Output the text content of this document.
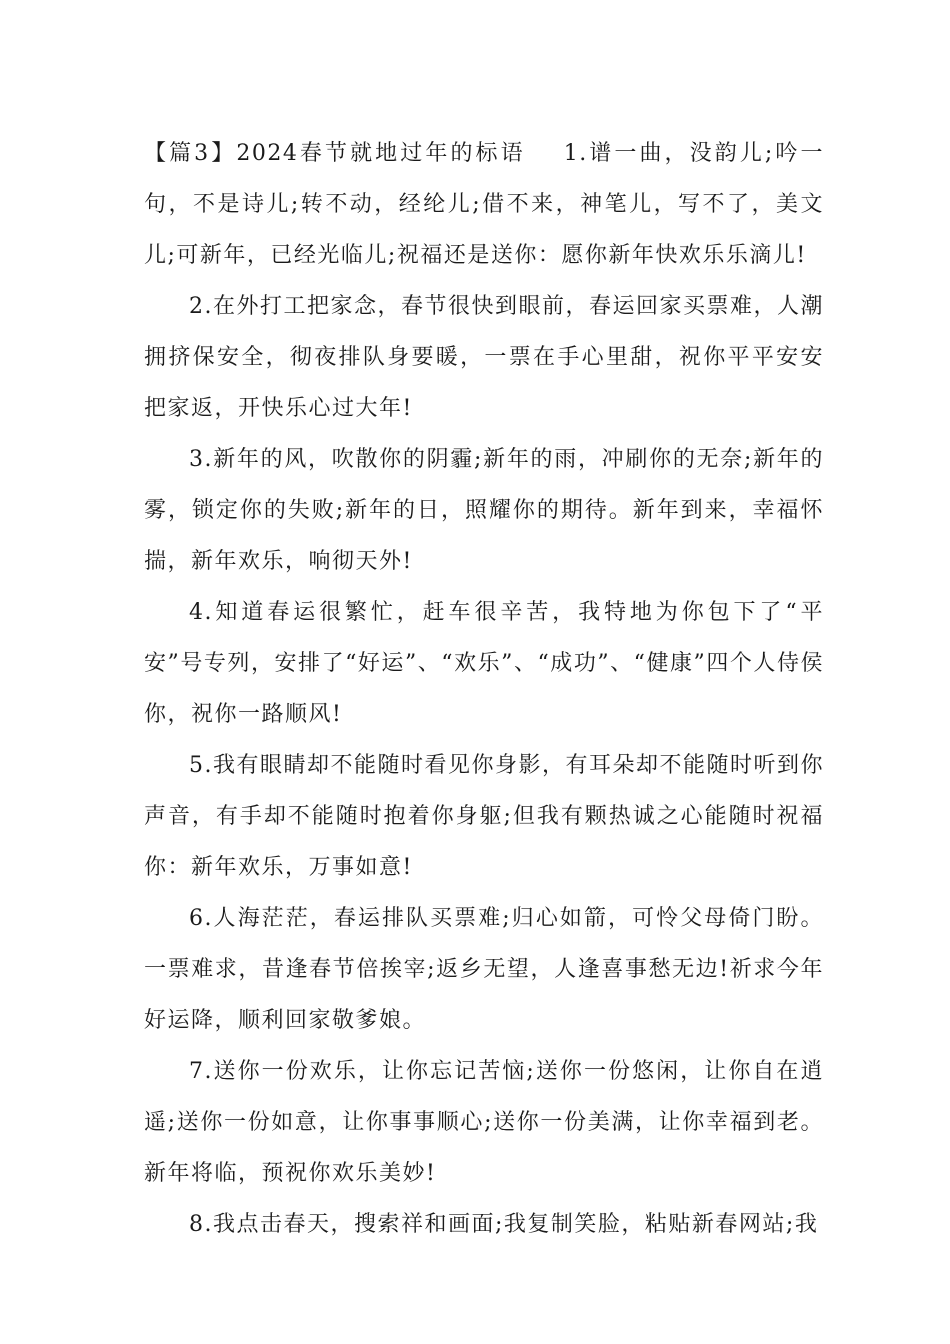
【篇3】2024春节就地过年的标语 1.谱一曲，没韵儿;吟一句，不是诗儿;转不动，经纶儿;借不来，神笔儿，写不了，美文儿;可新年，已经光临儿;祝福还是送你：愿你新年快欢乐乐滴儿!

2.在外打工把家念，春节很快到眼前，春运回家买票难，人潮拥挤保安全，彻夜排队身要暖，一票在手心里甜，祝你平平安安把家返，开快乐心过大年!

3.新年的风，吹散你的阴霾;新年的雨，冲刷你的无奈;新年的雾，锁定你的失败;新年的日，照耀你的期待。新年到来，幸福怀揣，新年欢乐，响彻天外!

4.知道春运很繁忙，赶车很辛苦，我特地为你包下了“平安”号专列，安排了“好运”、“欢乐”、“成功”、“健康”四个人侍侯你，祝你一路顺风!

5.我有眼睛却不能随时看见你身影，有耳朵却不能随时听到你声音，有手却不能随时抱着你身躯;但我有颗热诚之心能随时祝福你：新年欢乐，万事如意!

6.人海茫茫，春运排队买票难;归心如箭，可怜父母倚门盼。一票难求，昔逢春节倍挨宰;返乡无望，人逢喜事愁无边!祈求今年好运降，顺利回家敬爹娘。

7.送你一份欢乐，让你忘记苦恼;送你一份悠闲，让你自在逍遥;送你一份如意，让你事事顺心;送你一份美满，让你幸福到老。新年将临，预祝你欢乐美妙!

8.我点击春天，搜索祥和画面;我复制笑脸，粘贴新春网站;我
